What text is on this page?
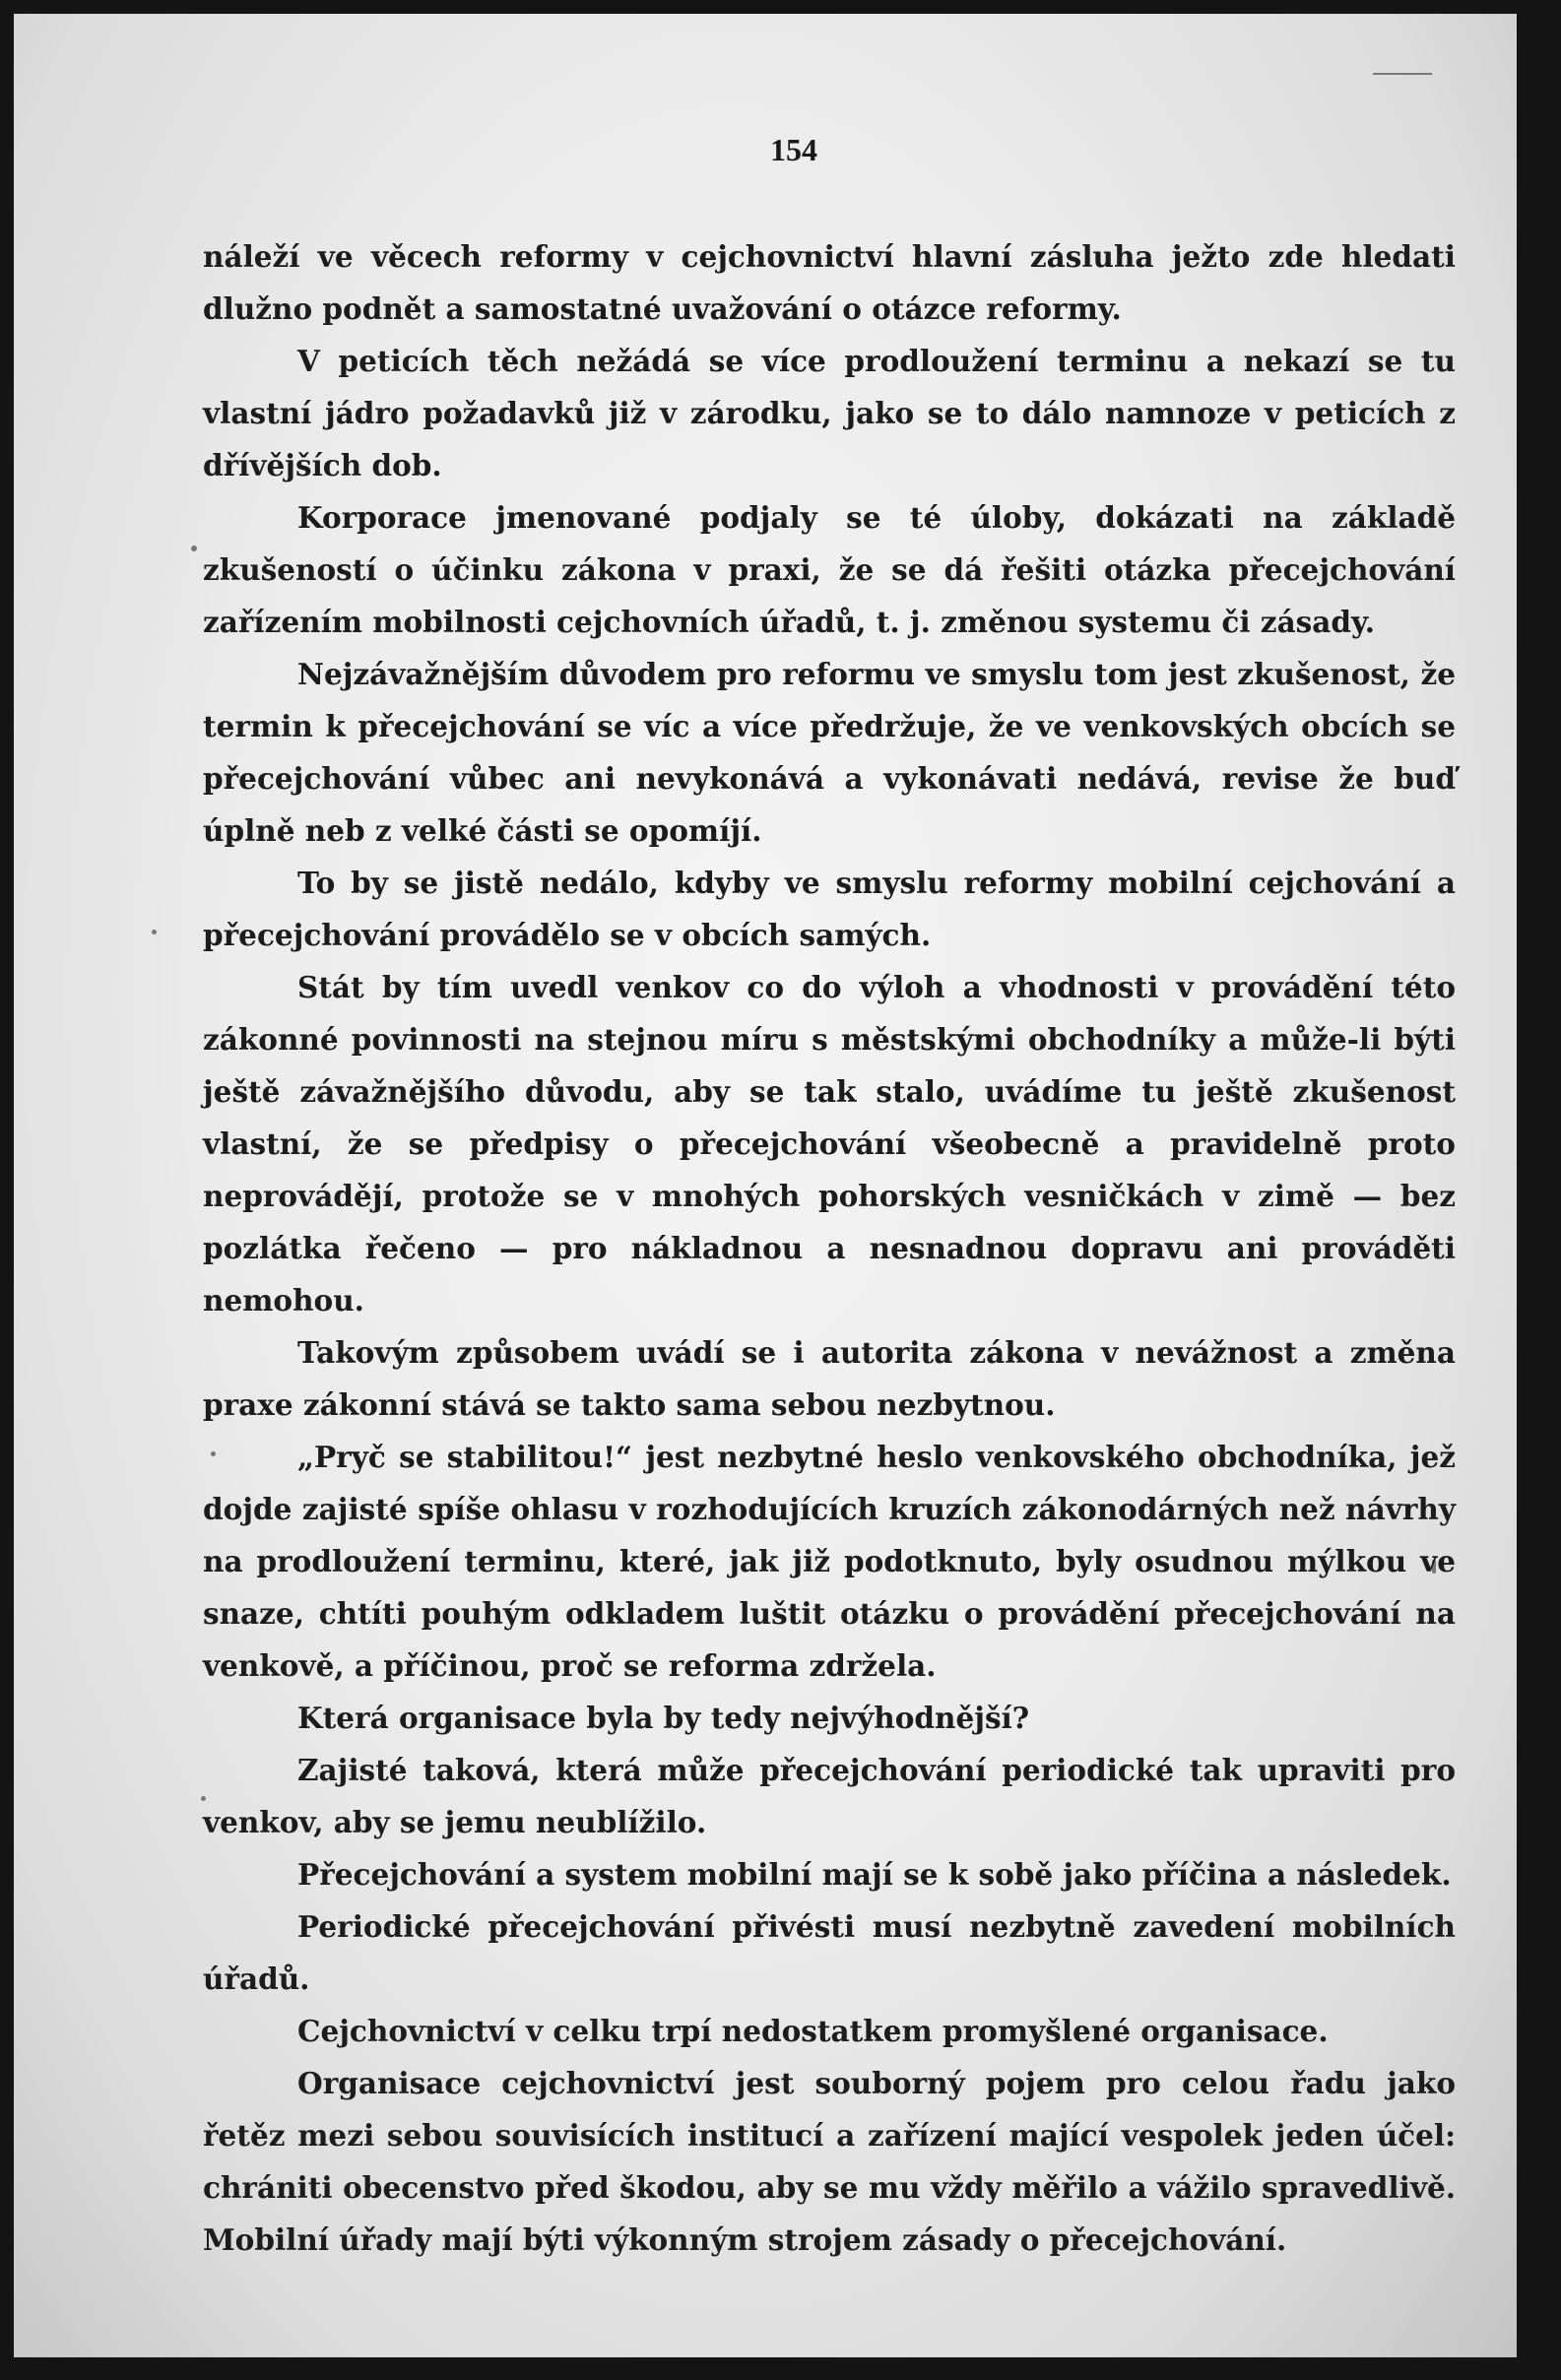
154

náleží ve věcech reformy v cejchovnictví hlavní zásluha ježto zde hledati dlužno podnět a samostatné uvažování o otázce reformy.

V peticích těch nežádá se více prodloužení terminu a nekazí se tu vlastní jádro požadavků již v zárodku, jako se to dálo namnoze v peticích z dřívějších dob.

Korporace jmenované podjaly se té úloby, dokázati na základě zkušeností o účinku zákona v praxi, že se dá řešiti otázka přecejchování zařízením mobilnosti cejchovních úřadů, t. j. změnou systemu či zásady.

Nejzávažnějším důvodem pro reformu ve smyslu tom jest zkušenost, že termin k přecejchování se víc a více předržuje, že ve venkovských obcích se přecejchování vůbec ani nevykonává a vykonávati nedává, revise že buď úplně neb z velké části se opomíjí.

To by se jistě nedálo, kdyby ve smyslu reformy mobilní cejchování a přecejchování provádělo se v obcích samých.

Stát by tím uvedl venkov co do výloh a vhodnosti v provádění této zákonné povinnosti na stejnou míru s městskými obchodníky a může-li býti ještě závažnějšího důvodu, aby se tak stalo, uvádíme tu ještě zkušenost vlastní, že se předpisy o přecejchování všeobecně a pravidelně proto neprovádějí, protože se v mnohých pohorských vesničkách v zimě — bez pozlátka řečeno — pro nákladnou a nesnadnou dopravu ani prováděti nemohou.

Takovým způsobem uvádí se i autorita zákona v nevážnost a změna praxe zákonní stává se takto sama sebou nezbytnou.

„Pryč se stabilitou!“ jest nezbytné heslo venkovského obchodníka, jež dojde zajisté spíše ohlasu v rozhodujících kruzích zákonodárných než návrhy na prodloužení terminu, které, jak již podotknuto, byly osudnou mýlkou ve snaze, chtíti pouhým odkladem luštit otázku o provádění přecejchování na venkově, a příčinou, proč se reforma zdržela.

Která organisace byla by tedy nejvýhodnější?

Zajisté taková, která může přecejchování periodické tak upraviti pro venkov, aby se jemu neublížilo.

Přecejchování a system mobilní mají se k sobě jako příčina a následek.

Periodické přecejchování přivésti musí nezbytně zavedení mobilních úřadů.

Cejchovnictví v celku trpí nedostatkem promyšlené organisace.

Organisace cejchovnictví jest souborný pojem pro celou řadu jako řetěz mezi sebou souvisících institucí a zařízení mající vespolek jeden účel: chrániti obecenstvo před škodou, aby se mu vždy měřilo a vážilo spravedlivě. Mobilní úřady mají býti výkonným strojem zásady o přecejchování.
